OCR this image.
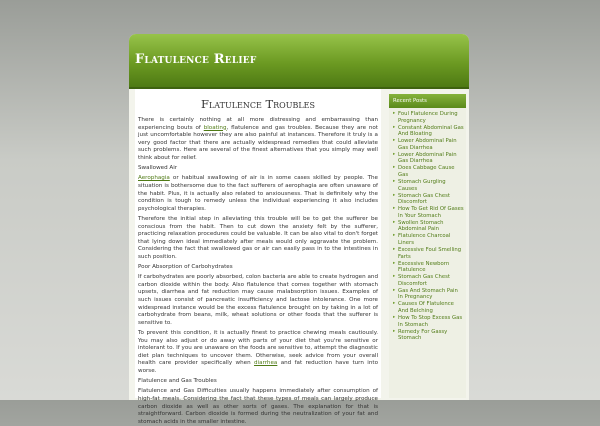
Flatulence Relief
Flatulence Troubles

There is certainly nothing at all more distressing and embarrassing than experiencing bouts of bloating, flatulence and gas troubles. Because they are not just uncomfortable however they are also painful at instances. Therefore it truly is a very good factor that there are actually widespread remedies that could alleviate such problems. Here are several of the finest alternatives that you simply may well think about for relief.

Swallowed Air

Aerophagia or habitual swallowing of air is in some cases skilled by people. The situation is bothersome due to the fact sufferers of aerophagia are often unaware of the habit. Plus, it is actually also related to anxiousness. That is definitely why the condition is tough to remedy unless the individual experiencing it also includes psychological therapies.

Therefore the initial step in alleviating this trouble will be to get the sufferer be conscious from the habit. Then to cut down the anxiety felt by the sufferer, practicing relaxation procedures could be valuable. It can be also vital to don't forget that lying down ideal immediately after meals would only aggravate the problem. Considering the fact that swallowed gas or air can easily pass in to the intestines in such position.

Poor Absorption of Carbohydrates

If carbohydrates are poorly absorbed, colon bacteria are able to create hydrogen and carbon dioxide within the body. Also flatulence that comes together with stomach upsets, diarrhea and fat reduction may cause malabsorption issues. Examples of such issues consist of pancreatic insufficiency and lactose intolerance. One more widespread instance would be the excess flatulence brought on by taking in a lot of carbohydrate from beans, milk, wheat solutions or other foods that the sufferer is sensitive to.

To prevent this condition, it is actually finest to practice chewing meals cautiously. You may also adjust or do away with parts of your diet that you're sensitive or intolerant to. If you are unaware on the foods are sensitive to, attempt the diagnostic diet plan techniques to uncover them. Otherwise, seek advice from your overall health care provider specifically when diarrhea and fat reduction have turn into worse.

Flatulence and Gas Troubles

Flatulence and Gas Difficulties usually happens immediately after consumption of high-fat meals. Considering the fact that these types of meals can largely produce carbon dioxide as well as other sorts of gases. The explanation for that is straightforward. Carbon dioxide is formed during the neutralization of your fat and stomach acids in the smaller intestine.

Recent Posts
▸ Foul Flatulence During Pregnancy
▸ Constant Abdominal Gas And Bloating
▸ Lower Abdominal Pain Gas Diarrhea
▸ Lower Abdominal Pain Gas Diarrhea
▸ Does Cabbage Cause Gas
▸ Stomach Gurgling Causes
▸ Stomach Gas Chest Discomfort
▸ How To Get Rid Of Gases In Your Stomach
▸ Swollen Stomach Abdominal Pain
▸ Flatulence Charcoal Liners
▸ Excessive Foul Smelling Farts
▸ Excessive Newborn Flatulence
▸ Stomach Gas Chest Discomfort
▸ Gas And Stomach Pain In Pregnancy
▸ Causes Of Flatulence And Belching
▸ How To Stop Excess Gas In Stomach
▸ Remedy For Gassy Stomach
